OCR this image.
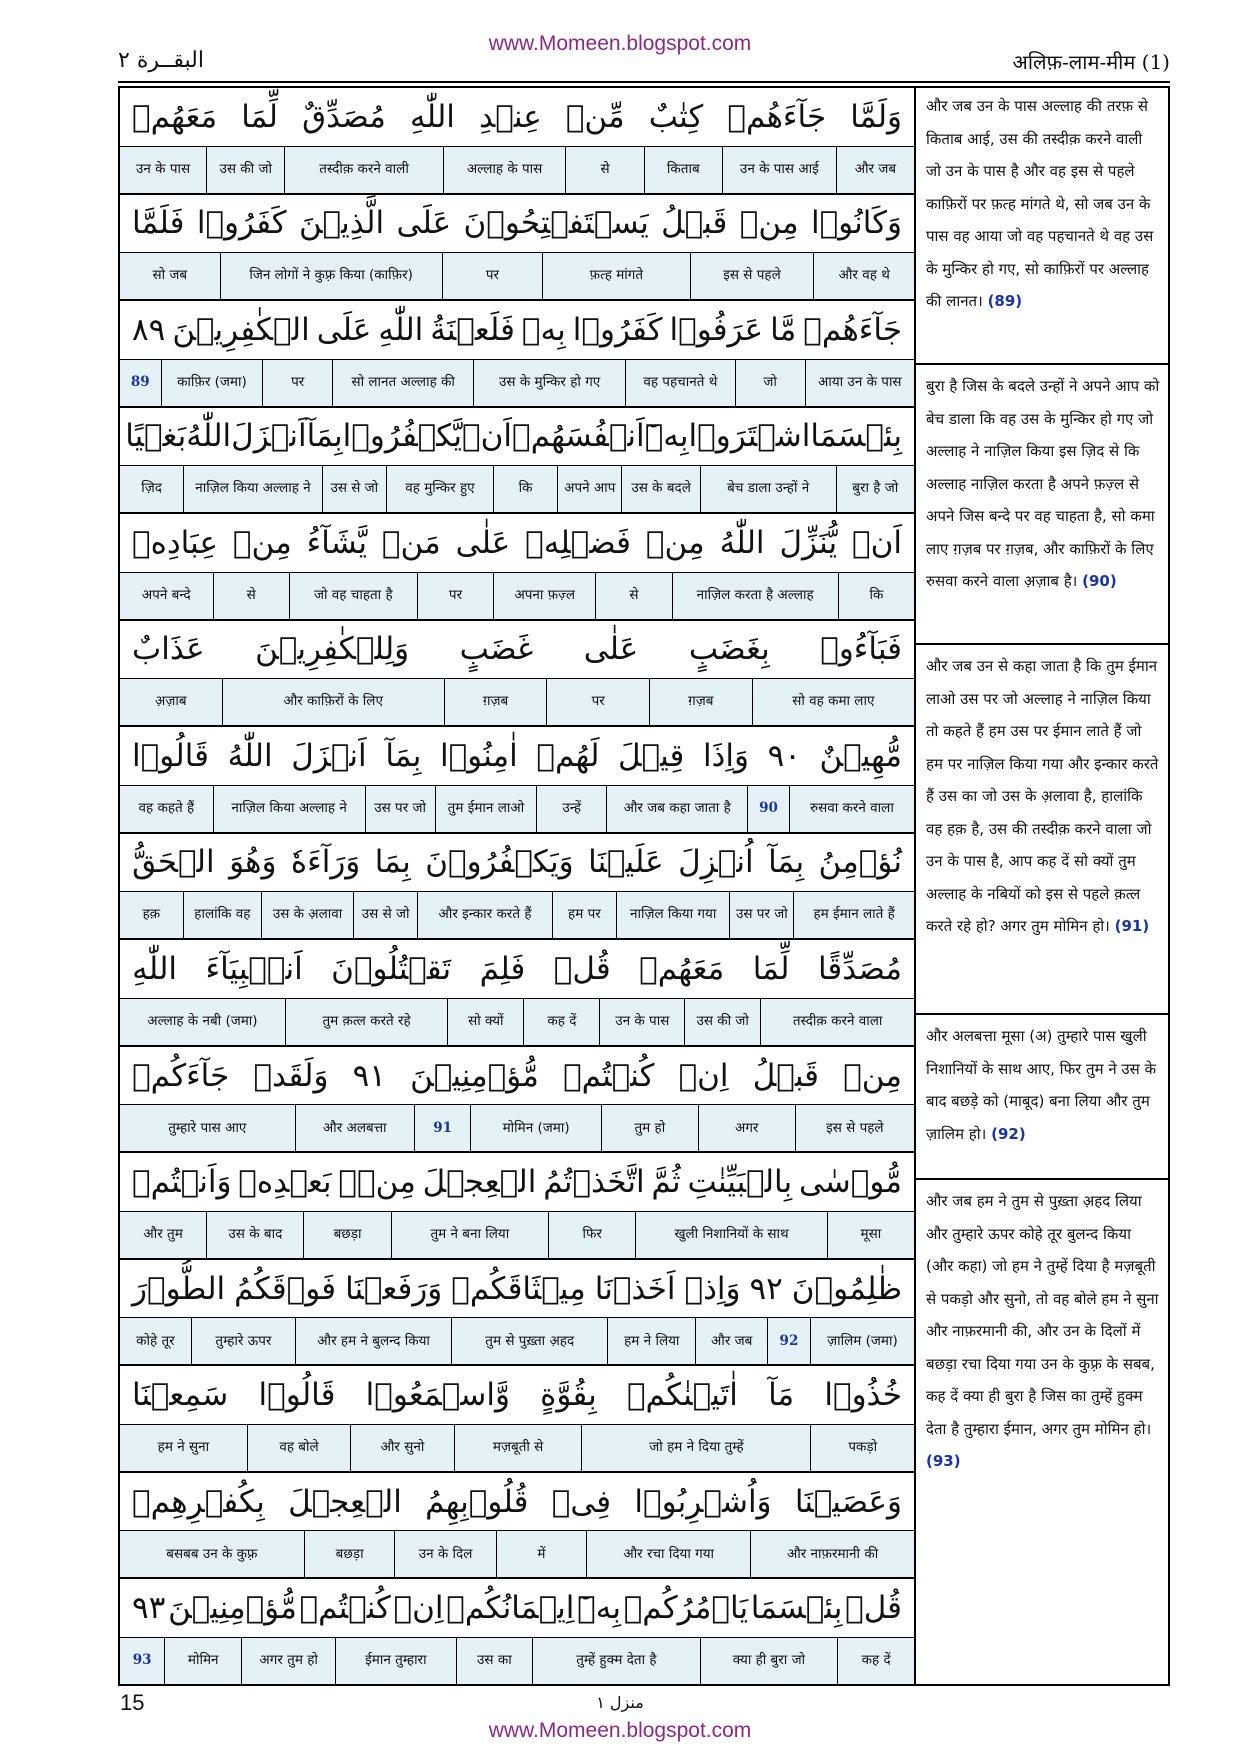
www.Momeen.blogspot.com
البقــرة ٢	अलिफ़-लाम-मीम (1)
وَلَمَّا
جَآءَهُمۡ
كِتٰبٌ
مِّنۡ
عِنۡدِ
اللّٰهِ
مُصَدِّقٌ
لِّمَا
مَعَهُمۡ
और जब
उन के पास आई
किताब
से
अल्लाह के पास
तस्दीक़ करने वाली
उस की जो
उन के पास
وَكَانُوۡا
مِنۡ
قَبۡلُ
يَسۡتَفۡتِحُوۡنَ
عَلَى
الَّذِيۡنَ
كَفَرُوۡا
فَلَمَّا
और वह थे
इस से पहले
फ़त्ह मांगते
पर
जिन लोगों ने कुफ़्र किया (काफ़िर)
सो जब
جَآءَهُمۡ
مَّا
عَرَفُوۡا
كَفَرُوۡا
بِهٖ
فَلَعۡنَةُ
اللّٰهِ
عَلَى
الۡكٰفِرِيۡنَ
٨٩
आया उन के पास
जो
वह पहचानते थे
उस के मुन्किर हो गए
सो लानत अल्लाह की
पर
काफ़िर (जमा)
89
بِئۡسَمَا
اشۡتَرَوۡا
بِهٖٓ
اَنۡفُسَهُمۡ
اَنۡ
يَّكۡفُرُوۡا
بِمَآ
اَنۡزَلَ
اللّٰهُ
بَغۡيًا
बुरा है जो
बेच डाला उन्हों ने
उस के बदले
अपने आप
कि
वह मुन्किर हुए
उस से जो
नाज़िल किया अल्लाह ने
ज़िद
اَنۡ
يُّنَزِّلَ
اللّٰهُ
مِنۡ
فَضۡلِهٖ
عَلٰى
مَنۡ
يَّشَآءُ
مِنۡ
عِبَادِهٖ
कि
नाज़िल करता है अल्लाह
से
अपना फ़ज़्ल
पर
जो वह चाहता है
से
अपने बन्दे
فَبَآءُوۡ
بِغَضَبٍ
عَلٰى
غَضَبٍ
وَلِلۡكٰفِرِيۡنَ
عَذَابٌ
सो वह कमा लाए
ग़ज़ब
पर
ग़ज़ब
और काफ़िरों के लिए
अ़ज़ाब
مُّهِيۡنٌ
٩٠
وَاِذَا
قِيۡلَ
لَهُمۡ
اٰمِنُوۡا
بِمَآ
اَنۡزَلَ
اللّٰهُ
قَالُوۡا
रुसवा करने वाला
90
और जब कहा जाता है
उन्हें
तुम ईमान लाओ
उस पर जो
नाज़िल किया अल्लाह ने
वह कहते हैं
نُؤۡمِنُ
بِمَآ
اُنۡزِلَ
عَلَيۡنَا
وَيَكۡفُرُوۡنَ
بِمَا
وَرَآءَهٗ
وَهُوَ
الۡحَقُّ
हम ईमान लाते हैं
उस पर जो
नाज़िल किया गया
हम पर
और इन्कार करते हैं
उस से जो
उस के अ़लावा
हालांकि वह
हक़
مُصَدِّقًا
لِّمَا
مَعَهُمۡ
قُلۡ
فَلِمَ
تَقۡتُلُوۡنَ
اَنۡۢبِيَآءَ
اللّٰهِ
तस्दीक़ करने वाला
उस की जो
उन के पास
कह दें
सो क्यों
तुम क़त्ल करते रहे
अल्लाह के नबी (जमा)
مِنۡ
قَبۡلُ
اِنۡ
كُنۡتُمۡ
مُّؤۡمِنِيۡنَ
٩١
وَلَقَدۡ
جَآءَكُمۡ
इस से पहले
अगर
तुम हो
मोमिन (जमा)
91
और अलबत्ता
तुम्हारे पास आए
مُّوۡسٰى
بِالۡبَيِّنٰتِ
ثُمَّ
اتَّخَذۡتُمُ
الۡعِجۡلَ
مِنۡۢ
بَعۡدِهٖ
وَاَنۡتُمۡ
मूसा
खुली निशानियों के साथ
फिर
तुम ने बना लिया
बछड़ा
उस के बाद
और तुम
ظٰلِمُوۡنَ
٩٢
وَاِذۡ
اَخَذۡنَا
مِيۡثَاقَكُمۡ
وَرَفَعۡنَا
فَوۡقَكُمُ
الطُّوۡرَ
ज़ालिम (जमा)
92
और जब
हम ने लिया
तुम से पुख़्ता अ़हद
और हम ने बुलन्द किया
तुम्हारे ऊपर
कोहे तूर
خُذُوۡا
مَآ
اٰتَيۡنٰكُمۡ
بِقُوَّةٍ
وَّاسۡمَعُوۡا
قَالُوۡا
سَمِعۡنَا
पकड़ो
जो हम ने दिया तुम्हें
मज़बूती से
और सुनो
वह बोले
हम ने सुना
وَعَصَيۡنَا
وَاُشۡرِبُوۡا
فِىۡ
قُلُوۡبِهِمُ
الۡعِجۡلَ
بِكُفۡرِهِمۡ
और नाफ़रमानी की
और रचा दिया गया
में
उन के दिल
बछड़ा
बसबब उन के कुफ़्र
قُلۡ
بِئۡسَمَا
يَاۡمُرُكُمۡ
بِهٖٓ
اِيۡمَانُكُمۡ
اِنۡ
كُنۡتُمۡ
مُّؤۡمِنِيۡنَ
٩٣
कह दें
क्या ही बुरा जो
तुम्हें हुक्म देता है
उस का
ईमान तुम्हारा
अगर तुम हो
मोमिन
93
और जब उन के पास अल्लाह की तरफ़ से किताब आई, उस की तस्दीक़ करने वाली जो उन के पास है और वह इस से पहले काफ़िरों पर फ़त्ह मांगते थे, सो जब उन के पास वह आया जो वह पहचानते थे वह उस के मुन्किर हो गए, सो काफ़िरों पर अल्लाह की लानत। (89)
बुरा है जिस के बदले उन्हों ने अपने आप को बेच डाला कि वह उस के मुन्किर हो गए जो अल्लाह ने नाज़िल किया इस ज़िद से कि अल्लाह नाज़िल करता है अपने फ़ज़्ल से अपने जिस बन्दे पर वह चाहता है, सो कमा लाए ग़ज़ब पर ग़ज़ब, और काफ़िरों के लिए रुसवा करने वाला अ़ज़ाब है। (90)
और जब उन से कहा जाता है कि तुम ईमान लाओ उस पर जो अल्लाह ने नाज़िल किया तो कहते हैं हम उस पर ईमान लाते हैं जो हम पर नाज़िल किया गया और इन्कार करते हैं उस का जो उस के अ़लावा है, हालांकि वह हक़ है, उस की तस्दीक़ करने वाला जो उन के पास है, आप कह दें सो क्यों तुम अल्लाह के नबियों को इस से पहले क़त्ल करते रहे हो? अगर तुम मोमिन हो। (91)
और अलबत्ता मूसा (अ) तुम्हारे पास खुली निशानियों के साथ आए, फिर तुम ने उस के बाद बछड़े को (माबूद) बना लिया और तुम ज़ालिम हो। (92)
और जब हम ने तुम से पुख़्ता अ़हद लिया और तुम्हारे ऊपर कोहे तूर बुलन्द किया (और कहा) जो हम ने तुम्हें दिया है मज़बूती से पकड़ो और सुनो, तो वह बोले हम ने सुना और नाफ़रमानी की, और उन के दिलों में बछड़ा रचा दिया गया उन के कुफ़्र के सबब, कह दें क्या ही बुरा है जिस का तुम्हें हुक्म देता है तुम्हारा ईमान, अगर तुम मोमिन हो। (93)
15	منزل ١
www.Momeen.blogspot.com
